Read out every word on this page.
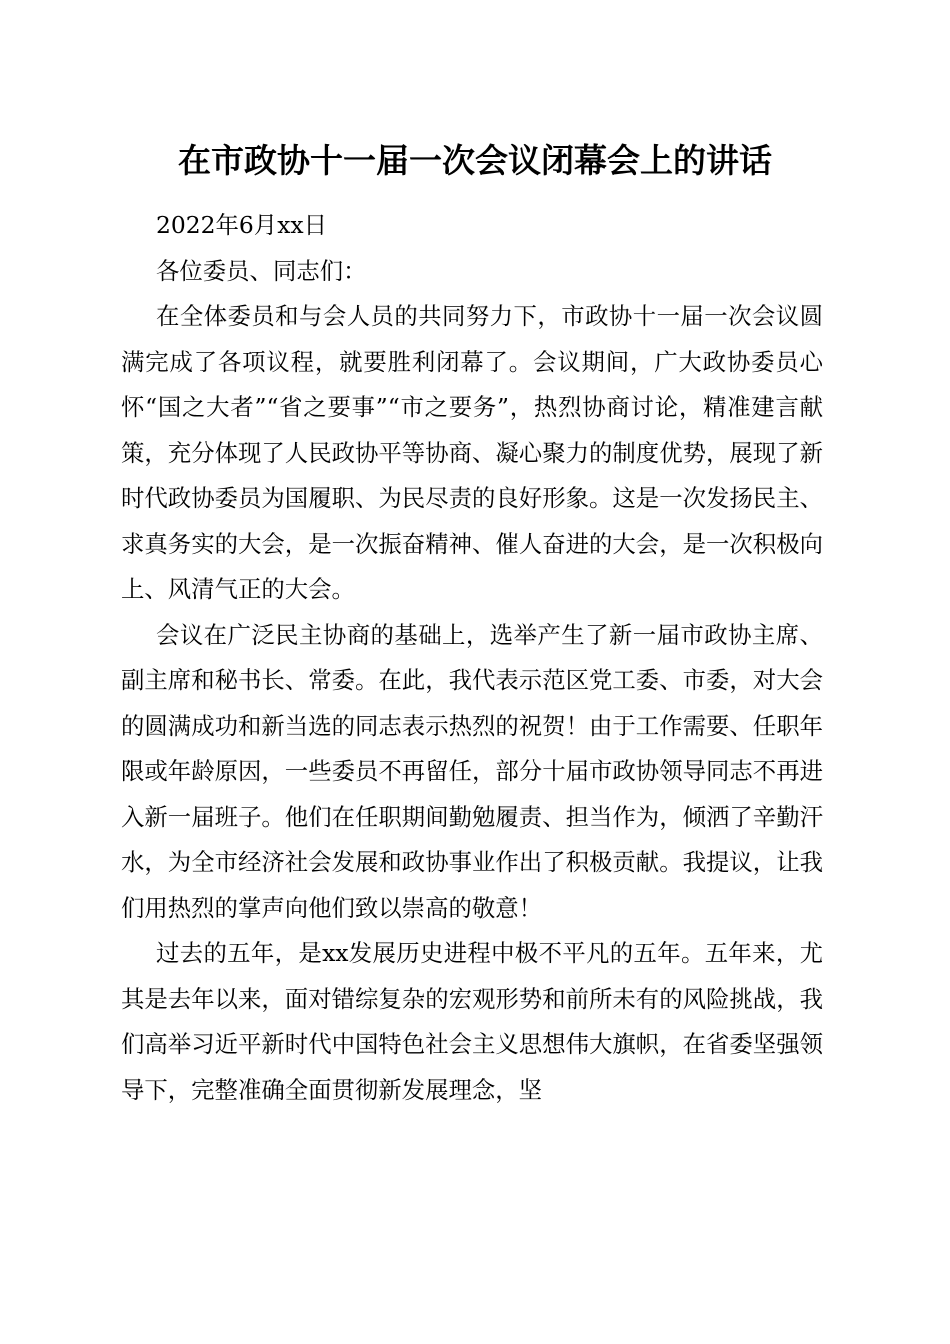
在市政协十一届一次会议闭幕会上的讲话

2022年6月xx日

各位委员、同志们：

在全体委员和与会人员的共同努力下，市政协十一届一次会议圆满完成了各项议程，就要胜利闭幕了。会议期间，广大政协委员心怀“国之大者”“省之要事”“市之要务”，热烈协商讨论，精准建言献策，充分体现了人民政协平等协商、凝心聚力的制度优势，展现了新时代政协委员为国履职、为民尽责的良好形象。这是一次发扬民主、求真务实的大会，是一次振奋精神、催人奋进的大会，是一次积极向上、风清气正的大会。

会议在广泛民主协商的基础上，选举产生了新一届市政协主席、副主席和秘书长、常委。在此，我代表示范区党工委、市委，对大会的圆满成功和新当选的同志表示热烈的祝贺！由于工作需要、任职年限或年龄原因，一些委员不再留任，部分十届市政协领导同志不再进入新一届班子。他们在任职期间勤勉履责、担当作为，倾洒了辛勤汗水，为全市经济社会发展和政协事业作出了积极贡献。我提议，让我们用热烈的掌声向他们致以崇高的敬意！

过去的五年，是xx发展历史进程中极不平凡的五年。五年来，尤其是去年以来，面对错综复杂的宏观形势和前所未有的风险挑战，我们高举习近平新时代中国特色社会主义思想伟大旗帜，在省委坚强领导下，完整准确全面贯彻新发展理念，坚
